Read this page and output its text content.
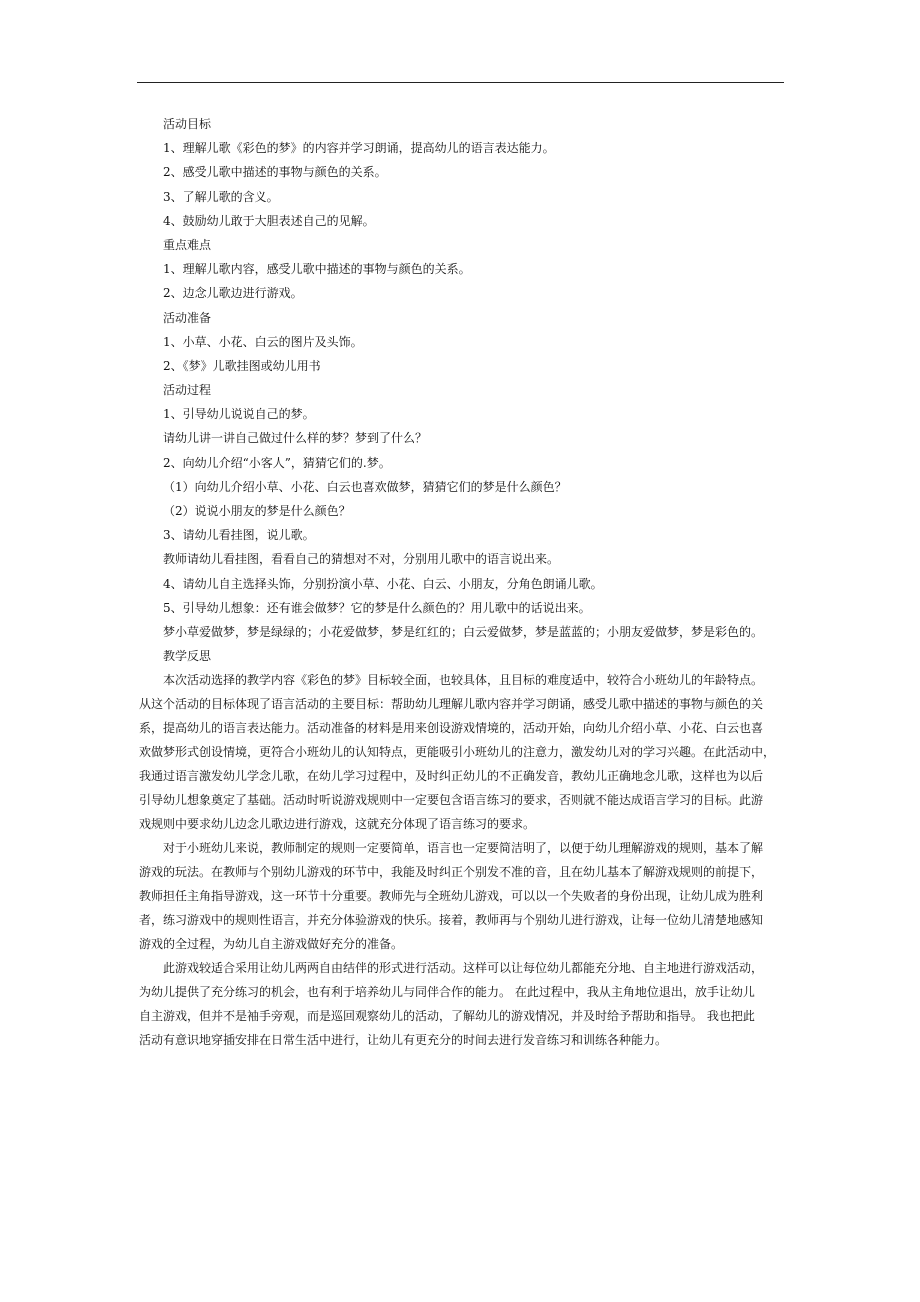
活动目标
1、理解儿歌《彩色的梦》的内容并学习朗诵，提高幼儿的语言表达能力。
2、感受儿歌中描述的事物与颜色的关系。
3、了解儿歌的含义。
4、鼓励幼儿敢于大胆表述自己的见解。
重点难点
1、理解儿歌内容，感受儿歌中描述的事物与颜色的关系。
2、边念儿歌边进行游戏。
活动准备
1、小草、小花、白云的图片及头饰。
2、《梦》儿歌挂图或幼儿用书
活动过程
1、引导幼儿说说自己的梦。
请幼儿讲一讲自己做过什么样的梦？梦到了什么？
2、向幼儿介绍“小客人”，猜猜它们的.梦。
（1）向幼儿介绍小草、小花、白云也喜欢做梦，猜猜它们的梦是什么颜色？
（2）说说小朋友的梦是什么颜色？
3、请幼儿看挂图，说儿歌。
教师请幼儿看挂图，看看自己的猜想对不对，分别用儿歌中的语言说出来。
4、请幼儿自主选择头饰，分别扮演小草、小花、白云、小朋友，分角色朗诵儿歌。
5、引导幼儿想象：还有谁会做梦？它的梦是什么颜色的？用儿歌中的话说出来。
梦小草爱做梦，梦是绿绿的；小花爱做梦，梦是红红的；白云爱做梦，梦是蓝蓝的；小朋友爱做梦，梦是彩色的。
教学反思

本次活动选择的教学内容《彩色的梦》目标较全面，也较具体，且目标的难度适中，较符合小班幼儿的年龄特点。
从这个活动的目标体现了语言活动的主要目标：帮助幼儿理解儿歌内容并学习朗诵，感受儿歌中描述的事物与颜色的关
系，提高幼儿的语言表达能力。活动准备的材料是用来创设游戏情境的，活动开始，向幼儿介绍小草、小花、白云也喜
欢做梦形式创设情境，更符合小班幼儿的认知特点，更能吸引小班幼儿的注意力，激发幼儿对的学习兴趣。在此活动中，
我通过语言激发幼儿学念儿歌，在幼儿学习过程中，及时纠正幼儿的不正确发音，教幼儿正确地念儿歌，这样也为以后
引导幼儿想象奠定了基础。活动时听说游戏规则中一定要包含语言练习的要求，否则就不能达成语言学习的目标。此游
戏规则中要求幼儿边念儿歌边进行游戏，这就充分体现了语言练习的要求。

对于小班幼儿来说，教师制定的规则一定要简单，语言也一定要简洁明了，以便于幼儿理解游戏的规则，基本了解
游戏的玩法。在教师与个别幼儿游戏的环节中，我能及时纠正个别发不准的音，且在幼儿基本了解游戏规则的前提下，
教师担任主角指导游戏，这一环节十分重要。教师先与全班幼儿游戏，可以以一个失败者的身份出现，让幼儿成为胜利
者，练习游戏中的规则性语言，并充分体验游戏的快乐。接着，教师再与个别幼儿进行游戏，让每一位幼儿清楚地感知
游戏的全过程，为幼儿自主游戏做好充分的准备。

此游戏较适合采用让幼儿两两自由结伴的形式进行活动。这样可以让每位幼儿都能充分地、自主地进行游戏活动，
为幼儿提供了充分练习的机会，也有利于培养幼儿与同伴合作的能力。 在此过程中，我从主角地位退出，放手让幼儿
自主游戏，但并不是袖手旁观，而是巡回观察幼儿的活动，了解幼儿的游戏情况，并及时给予帮助和指导。 我也把此
活动有意识地穿插安排在日常生活中进行，让幼儿有更充分的时间去进行发音练习和训练各种能力。
